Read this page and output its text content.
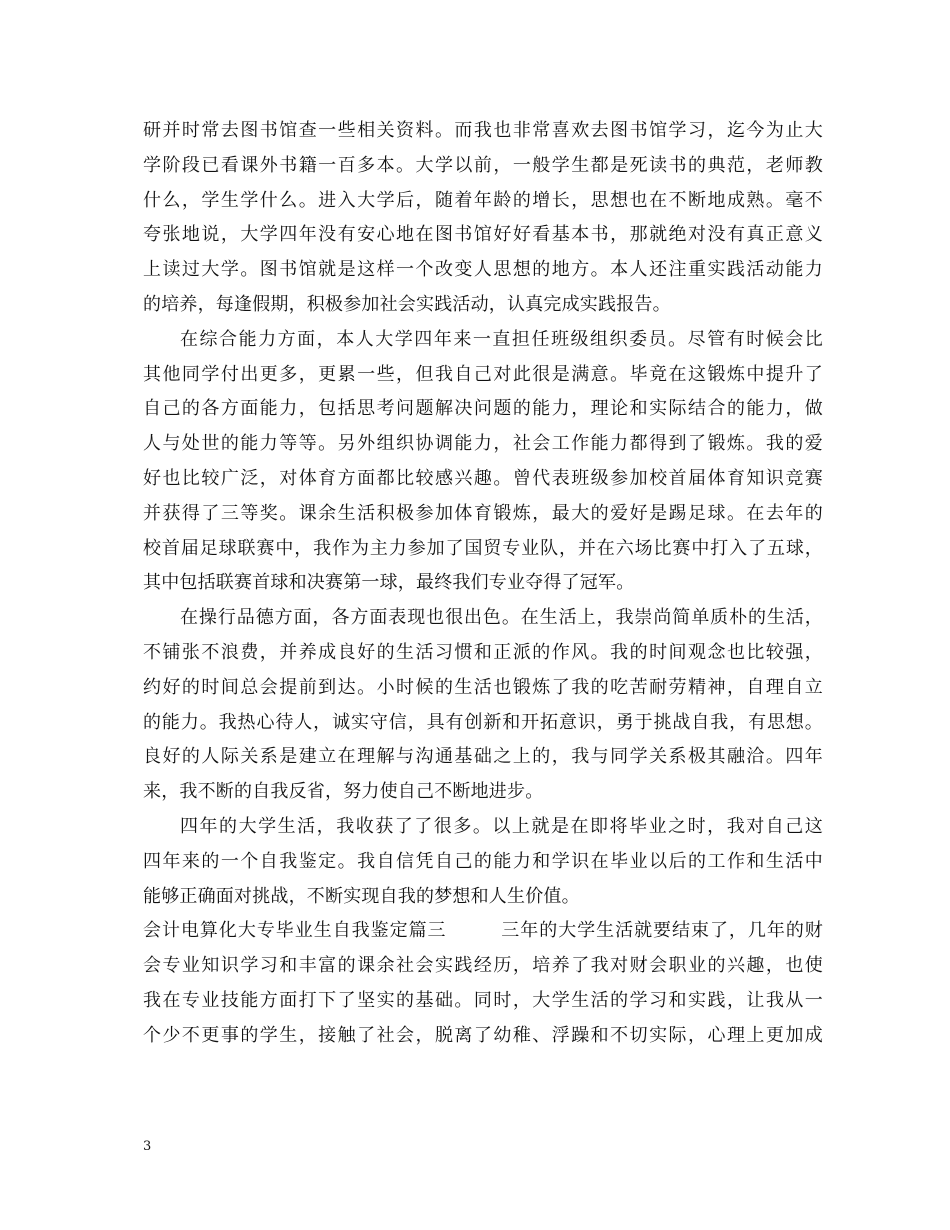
研并时常去图书馆查一些相关资料。而我也非常喜欢去图书馆学习，迄今为止大
学阶段已看课外书籍一百多本。大学以前，一般学生都是死读书的典范，老师教
什么，学生学什么。进入大学后，随着年龄的增长，思想也在不断地成熟。毫不
夸张地说，大学四年没有安心地在图书馆好好看基本书，那就绝对没有真正意义
上读过大学。图书馆就是这样一个改变人思想的地方。本人还注重实践活动能力
的培养，每逢假期，积极参加社会实践活动，认真完成实践报告。
在综合能力方面，本人大学四年来一直担任班级组织委员。尽管有时候会比
其他同学付出更多，更累一些，但我自己对此很是满意。毕竟在这锻炼中提升了
自己的各方面能力，包括思考问题解决问题的能力，理论和实际结合的能力，做
人与处世的能力等等。另外组织协调能力，社会工作能力都得到了锻炼。我的爱
好也比较广泛，对体育方面都比较感兴趣。曾代表班级参加校首届体育知识竞赛
并获得了三等奖。课余生活积极参加体育锻炼，最大的爱好是踢足球。在去年的
校首届足球联赛中，我作为主力参加了国贸专业队，并在六场比赛中打入了五球，
其中包括联赛首球和决赛第一球，最终我们专业夺得了冠军。
在操行品德方面，各方面表现也很出色。在生活上，我崇尚简单质朴的生活，
不铺张不浪费，并养成良好的生活习惯和正派的作风。我的时间观念也比较强，
约好的时间总会提前到达。小时候的生活也锻炼了我的吃苦耐劳精神，自理自立
的能力。我热心待人，诚实守信，具有创新和开拓意识，勇于挑战自我，有思想。
良好的人际关系是建立在理解与沟通基础之上的，我与同学关系极其融洽。四年
来，我不断的自我反省，努力使自己不断地进步。
四年的大学生活，我收获了了很多。以上就是在即将毕业之时，我对自己这
四年来的一个自我鉴定。我自信凭自己的能力和学识在毕业以后的工作和生活中
能够正确面对挑战，不断实现自我的梦想和人生价值。
会计电算化大专毕业生自我鉴定篇三	三年的大学生活就要结束了，几年的财
会专业知识学习和丰富的课余社会实践经历，培养了我对财会职业的兴趣，也使
我在专业技能方面打下了坚实的基础。同时，大学生活的学习和实践，让我从一
个少不更事的学生，接触了社会，脱离了幼稚、浮躁和不切实际，心理上更加成
3
